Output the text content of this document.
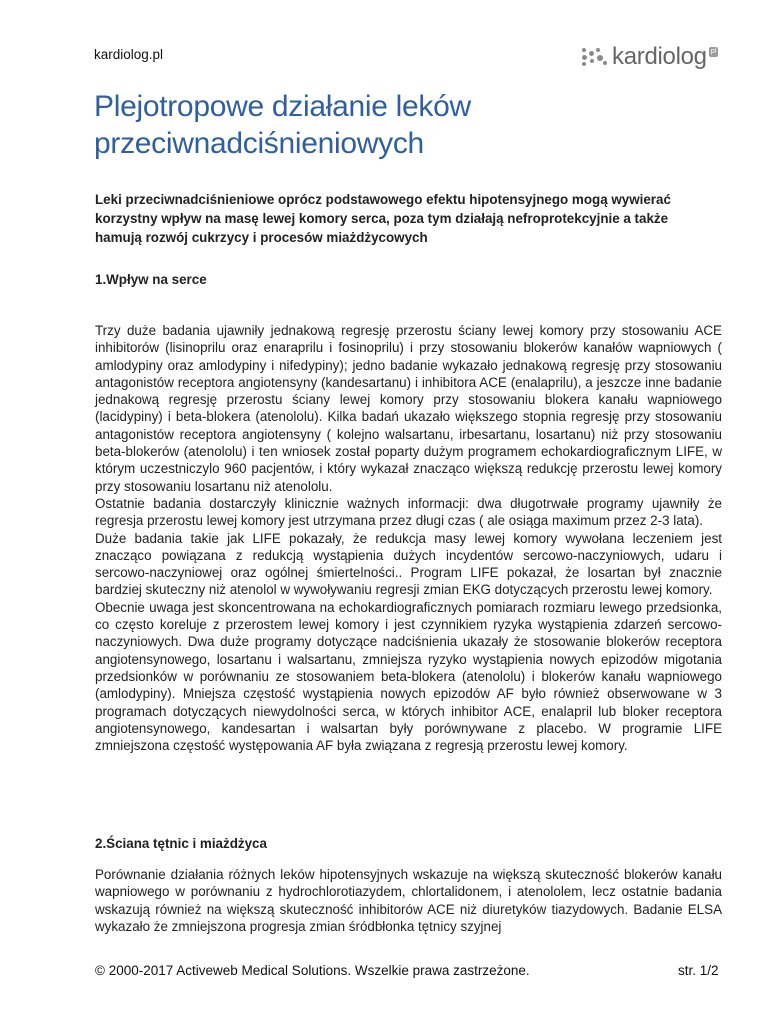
kardiolog.pl	kardiolog pl
Plejotropowe działanie leków przeciwnadciśnieniowych

Leki przeciwnadciśnieniowe oprócz podstawowego efektu hipotensyjnego mogą wywierać korzystny wpływ na masę lewej komory serca, poza tym działają nefroprotekcyjnie a także hamują rozwój cukrzycy i procesów miażdżycowych

1.Wpływ na serce

Trzy duże badania ujawniły jednakową regresję przerostu ściany lewej komory przy stosowaniu ACE inhibitorów (lisinoprilu oraz enaraprilu i fosinoprilu) i przy stosowaniu blokerów kanałów wapniowych ( amlodypiny oraz amlodypiny i nifedypiny); jedno badanie wykazało jednakową regresję przy stosowaniu antagonistów receptora angiotensyny (kandesartanu) i inhibitora ACE (enalaprilu), a jeszcze inne badanie jednakową regresję przerostu ściany lewej komory przy stosowaniu blokera kanału wapniowego (lacidypiny) i beta-blokera (atenololu). Kilka badań ukazało większego stopnia regresję przy stosowaniu antagonistów receptora angiotensyny ( kolejno walsartanu, irbesartanu, losartanu) niż przy stosowaniu beta-blokerów (atenololu) i ten wniosek został poparty dużym programem echokardiograficznym LIFE, w którym uczestniczylo 960 pacjentów, i który wykazał znacząco większą redukcję przerostu lewej komory przy stosowaniu losartanu niż atenololu.

Ostatnie badania dostarczyły klinicznie ważnych informacji: dwa długotrwałe programy ujawniły że regresja przerostu lewej komory jest utrzymana przez długi czas ( ale osiąga maximum przez 2-3 lata).

Duże badania takie jak LIFE pokazały, że redukcja masy lewej komory wywołana leczeniem jest znacząco powiązana z redukcją wystąpienia dużych incydentów sercowo-naczyniowych, udaru i sercowo-naczyniowej oraz ogólnej śmiertelności.. Program LIFE pokazał, że losartan był znacznie bardziej skuteczny niż atenolol w wywoływaniu regresji zmian EKG dotyczących przerostu lewej komory.

Obecnie uwaga jest skoncentrowana na echokardiograficznych pomiarach rozmiaru lewego przedsionka, co często koreluje z przerostem lewej komory i jest czynnikiem ryzyka wystąpienia zdarzeń sercowo-naczyniowych. Dwa duże programy dotyczące nadciśnienia ukazały że stosowanie blokerów receptora angiotensynowego, losartanu i walsartanu, zmniejsza ryzyko wystąpienia nowych epizodów migotania przedsionków w porównaniu ze stosowaniem beta-blokera (atenololu) i blokerów kanału wapniowego (amlodypiny). Mniejsza częstość wystąpienia nowych epizodów AF było również obserwowane w 3 programach dotyczących niewydolności serca, w których inhibitor ACE, enalapril lub bloker receptora angiotensynowego, kandesartan i walsartan były porównywane z placebo. W programie LIFE zmniejszona częstość występowania AF była związana z regresją przerostu lewej komory.

2.Ściana tętnic i miażdżyca

Porównanie działania różnych leków hipotensyjnych wskazuje na większą skuteczność blokerów kanału wapniowego w porównaniu z hydrochlorotiazydem, chlortalidonem, i atenololem, lecz ostatnie badania wskazują również na większą skuteczność inhibitorów ACE niż diuretyków tiazydowych. Badanie ELSA wykazało że zmniejszona progresja zmian śródbłonka tętnicy szyjnej

© 2000-2017 Activeweb Medical Solutions. Wszelkie prawa zastrzeżone.	str. 1/2
